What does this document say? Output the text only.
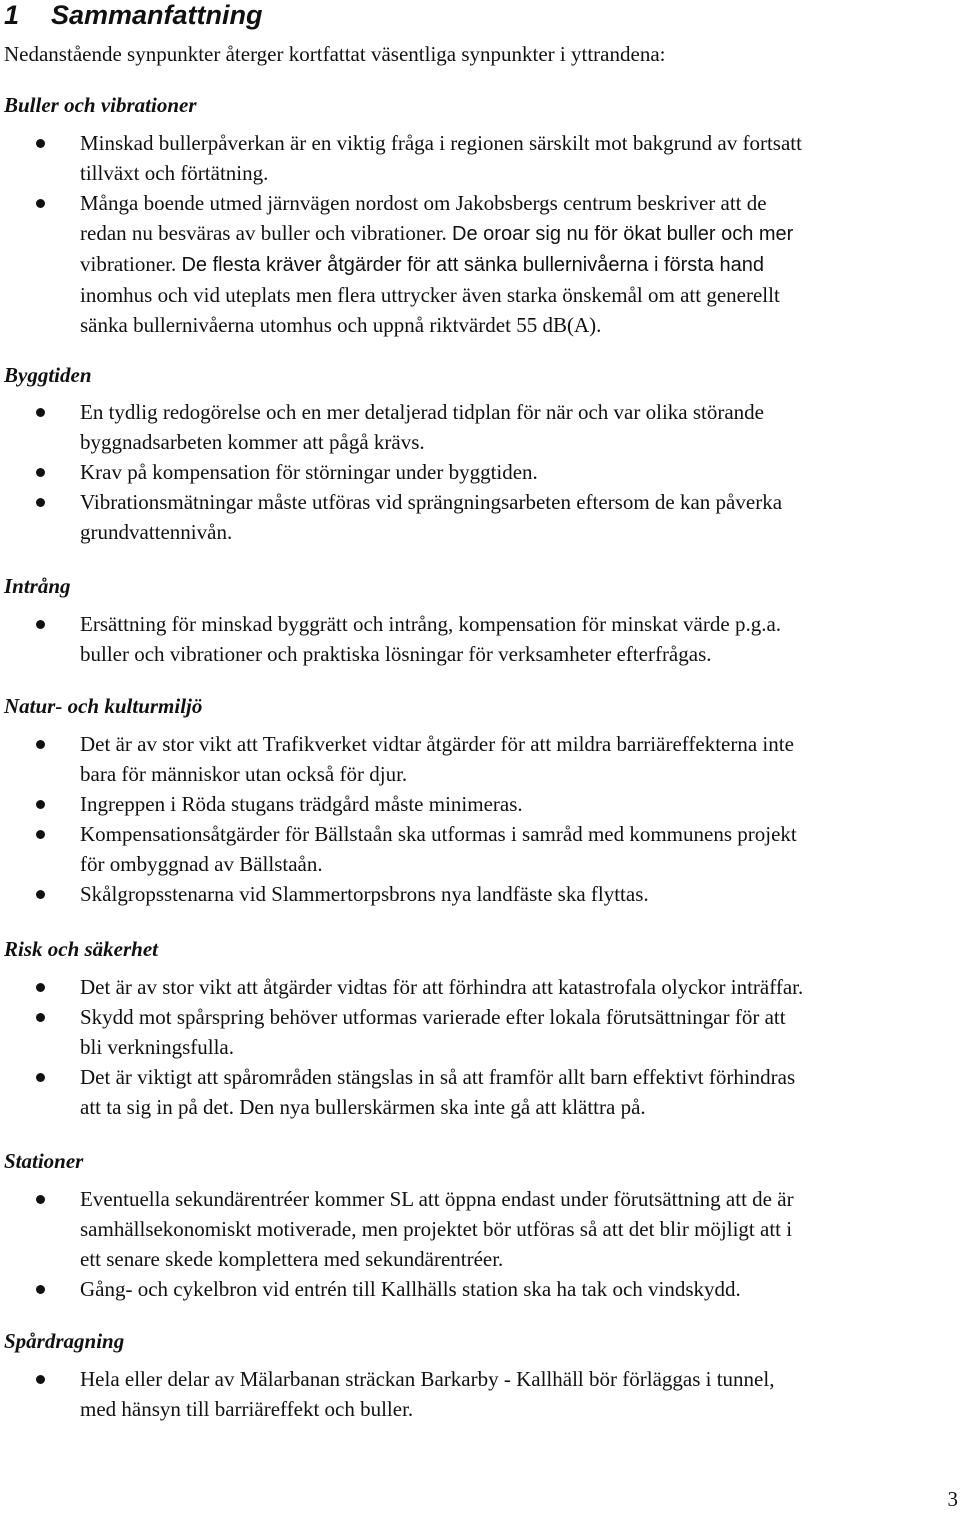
1 Sammanfattning

Nedanstående synpunkter återger kortfattat väsentliga synpunkter i yttrandena:

Buller och vibrationer
Minskad bullerpåverkan är en viktig fråga i regionen särskilt mot bakgrund av fortsatt
tillväxt och förtätning.
Många boende utmed järnvägen nordost om Jakobsbergs centrum beskriver att de
redan nu besväras av buller och vibrationer. De oroar sig nu för ökat buller och mer
vibrationer. De flesta kräver åtgärder för att sänka bullernivåerna i första hand
inomhus och vid uteplats men flera uttrycker även starka önskemål om att generellt
sänka bullernivåerna utomhus och uppnå riktvärdet 55 dB(A).
Byggtiden
En tydlig redogörelse och en mer detaljerad tidplan för när och var olika störande
byggnadsarbeten kommer att pågå krävs.
Krav på kompensation för störningar under byggtiden.
Vibrationsmätningar måste utföras vid sprängningsarbeten eftersom de kan påverka
grundvattennivån.
Intrång
Ersättning för minskad byggrätt och intrång, kompensation för minskat värde p.g.a.
buller och vibrationer och praktiska lösningar för verksamheter efterfrågas.
Natur- och kulturmiljö
Det är av stor vikt att Trafikverket vidtar åtgärder för att mildra barriäreffekterna inte
bara för människor utan också för djur.
Ingreppen i Röda stugans trädgård måste minimeras.
Kompensationsåtgärder för Bällstaån ska utformas i samråd med kommunens projekt
för ombyggnad av Bällstaån.
Skålgropsstenarna vid Slammertorpsbrons nya landfäste ska flyttas.
Risk och säkerhet
Det är av stor vikt att åtgärder vidtas för att förhindra att katastrofala olyckor inträffar.
Skydd mot spårspring behöver utformas varierade efter lokala förutsättningar för att
bli verkningsfulla.
Det är viktigt att spårområden stängslas in så att framför allt barn effektivt förhindras
att ta sig in på det. Den nya bullerskärmen ska inte gå att klättra på.
Stationer
Eventuella sekundärentréer kommer SL att öppna endast under förutsättning att de är
samhällsekonomiskt motiverade, men projektet bör utföras så att det blir möjligt att i
ett senare skede komplettera med sekundärentréer.
Gång- och cykelbron vid entrén till Kallhälls station ska ha tak och vindskydd.
Spårdragning
Hela eller delar av Mälarbanan sträckan Barkarby - Kallhäll bör förläggas i tunnel,
med hänsyn till barriäreffekt och buller.
3
